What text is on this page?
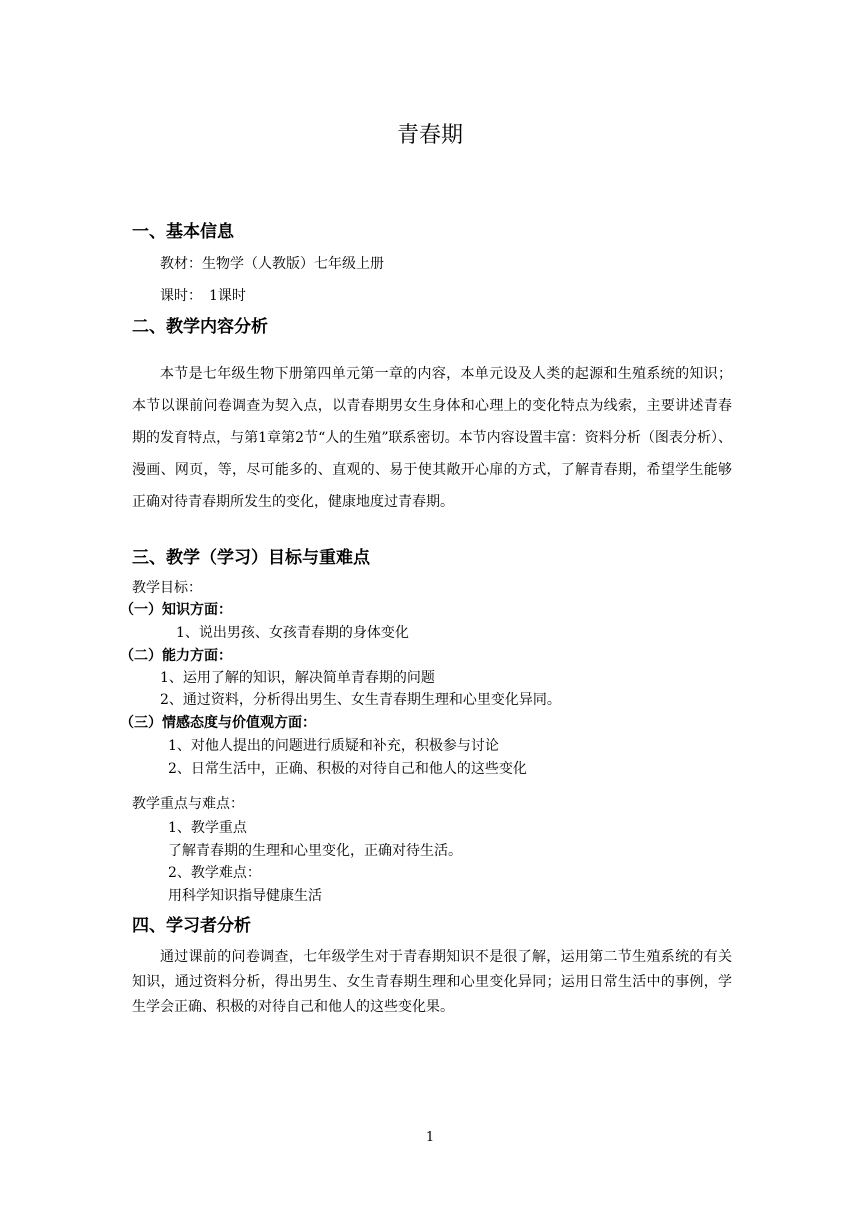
青春期
一、基本信息
教材：生物学（人教版）七年级上册
课时：　1课时
二、教学内容分析
本节是七年级生物下册第四单元第一章的内容，本单元设及人类的起源和生殖系统的知识；本节以课前问卷调查为契入点，以青春期男女生身体和心理上的变化特点为线索，主要讲述青春期的发育特点，与第1章第2节“人的生殖”联系密切。本节内容设置丰富：资料分析（图表分析）、漫画、网页，等，尽可能多的、直观的、易于使其敞开心扉的方式，了解青春期，希望学生能够正确对待青春期所发生的变化，健康地度过青春期。
三、教学（学习）目标与重难点
教学目标：
（一）知识方面：
1、说出男孩、女孩青春期的身体变化
（二）能力方面：
1、运用了解的知识，解决简单青春期的问题
2、通过资料，分析得出男生、女生青春期生理和心里变化异同。
（三）情感态度与价值观方面：
1、对他人提出的问题进行质疑和补充，积极参与讨论
2、日常生活中，正确、积极的对待自己和他人的这些变化
教学重点与难点：
1、教学重点
了解青春期的生理和心里变化，正确对待生活。
2、教学难点：
用科学知识指导健康生活
四、学习者分析
通过课前的问卷调查，七年级学生对于青春期知识不是很了解，运用第二节生殖系统的有关知识，通过资料分析，得出男生、女生青春期生理和心里变化异同；运用日常生活中的事例，学生学会正确、积极的对待自己和他人的这些变化果。
1
